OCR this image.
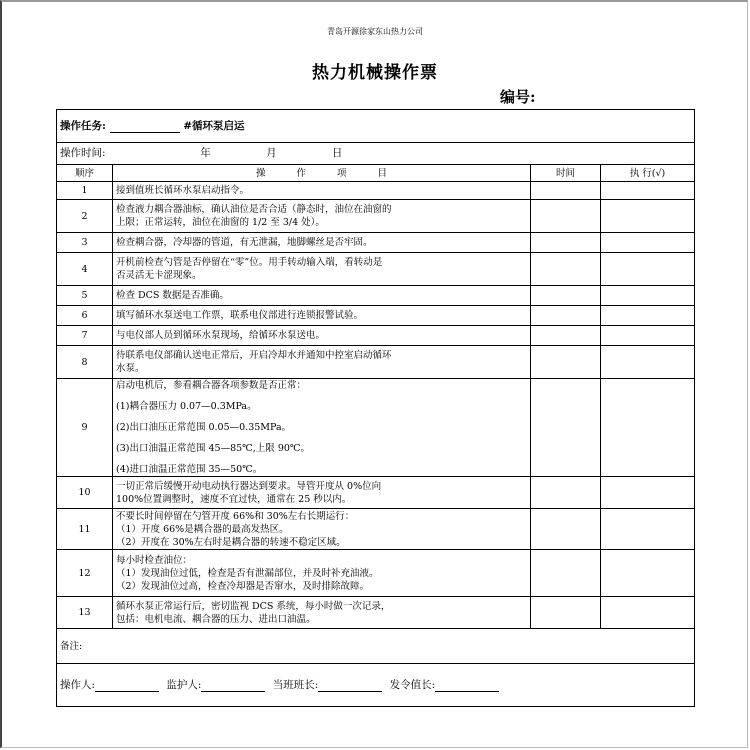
青岛开源徐家东山热力公司
热力机械操作票
编号:
操作任务: #循环泵启运			
操作时间: 年 月 日			
顺序	操 作 项 目	时间	执 行(√)
1	接到值班长循环水泵启动指令。		

2	检查液力耦合器油标，确认油位是否合适（静态时，油位在油窗的
上限；正常运转，油位在油窗的 1/2 至 3/4 处）。		

3	检查耦合器，冷却器的管道，有无泄漏，地脚螺丝是否牢固。		

4	开机前检查勺管是否停留在“零”位。用手转动输入端，看转动是
否灵活无卡涩现象。		

5	检查 DCS 数据是否准确。		

6	填写循环水泵送电工作票，联系电仪部进行连锁报警试验。		

7	与电仪部人员到循环水泵现场，给循环水泵送电。		

8	待联系电仪部确认送电正常后，开启冷却水并通知中控室启动循环
水泵。		

9	启动电机后，参看耦合器各项参数是否正常：
(1)耦合器压力 0.07—0.3MPa。
(2)出口油压正常范围 0.05—0.35MPa。
(3)出口油温正常范围 45—85℃,上限 90℃。
(4)进口油温正常范围 35—50℃。		

10	一切正常后缓慢开动电动执行器达到要求。导管开度从 0%位向
100%位置调整时，速度不宜过快，通常在 25 秒以内。		

11	不要长时间停留在勺管开度 66%和 30%左右长期运行：
（1）开度 66%是耦合器的最高发热区。
（2）开度在 30%左右时是耦合器的转速不稳定区域。		

12	每小时检查油位：
（1）发现油位过低，检查是否有泄漏部位，并及时补充油液。
（2）发现油位过高，检查冷却器是否窜水，及时排除故障。		

13	循环水泵正常运行后，密切监视 DCS 系统，每小时做一次记录，
包括：电机电流、耦合器的压力、进出口油温。		

备注:			
操作人: 监护人: 当班班长: 发令值长:			
